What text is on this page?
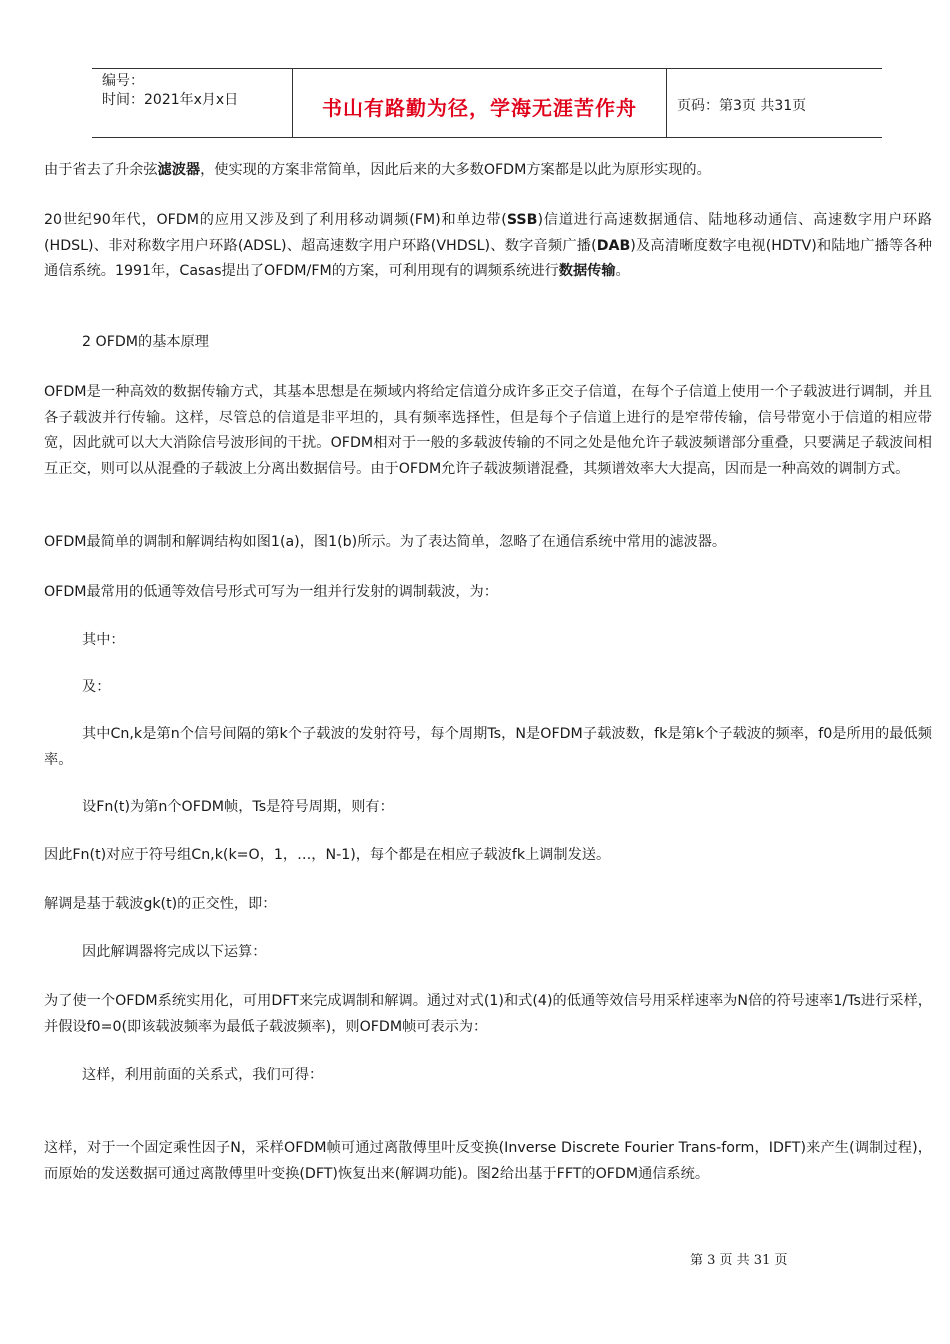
编号：
时间：2021年x月x日	书山有路勤为径，学海无涯苦作舟	页码：第3页 共31页

由于省去了升余弦滤波器，使实现的方案非常简单，因此后来的大多数OFDM方案都是以此为原形实现的。

20世纪90年代，OFDM的应用又涉及到了利用移动调频(FM)和单边带(SSB)信道进行高速数据通信、陆地移动通信、高速数字用户环路(HDSL)、非对称数字用户环路(ADSL)、超高速数字用户环路(VHDSL)、数字音频广播(DAB)及高清晰度数字电视(HDTV)和陆地广播等各种通信系统。1991年，Casas提出了OFDM/FM的方案，可利用现有的调频系统进行数据传输。

2 OFDM的基本原理

OFDM是一种高效的数据传输方式，其基本思想是在频域内将给定信道分成许多正交子信道，在每个子信道上使用一个子载波进行调制，并且各子载波并行传输。这样，尽管总的信道是非平坦的，具有频率选择性，但是每个子信道上进行的是窄带传输，信号带宽小于信道的相应带宽，因此就可以大大消除信号波形间的干扰。OFDM相对于一般的多载波传输的不同之处是他允许子载波频谱部分重叠，只要满足子载波间相互正交，则可以从混叠的子载波上分离出数据信号。由于OFDM允许子载波频谱混叠，其频谱效率大大提高，因而是一种高效的调制方式。

OFDM最简单的调制和解调结构如图1(a)，图1(b)所示。为了表达简单，忽略了在通信系统中常用的滤波器。

OFDM最常用的低通等效信号形式可写为一组并行发射的调制载波，为：

其中：

及：

其中Cn,k是第n个信号间隔的第k个子载波的发射符号，每个周期Ts，N是OFDM子载波数，fk是第k个子载波的频率，f0是所用的最低频率。

设Fn(t)为第n个OFDM帧，Ts是符号周期，则有：

因此Fn(t)对应于符号组Cn,k(k=O，1，…，N-1)，每个都是在相应子载波fk上调制发送。

解调是基于载波gk(t)的正交性，即：

因此解调器将完成以下运算：

为了使一个OFDM系统实用化，可用DFT来完成调制和解调。通过对式(1)和式(4)的低通等效信号用采样速率为N倍的符号速率1/Ts进行采样，并假设f0=0(即该载波频率为最低子载波频率)，则OFDM帧可表示为：

这样，利用前面的关系式，我们可得：

这样，对于一个固定乘性因子N，采样OFDM帧可通过离散傅里叶反变换(Inverse Discrete Fourier Trans-form，IDFT)来产生(调制过程)，而原始的发送数据可通过离散傅里叶变换(DFT)恢复出来(解调功能)。图2给出基于FFT的OFDM通信系统。

第 3 页 共 31 页
